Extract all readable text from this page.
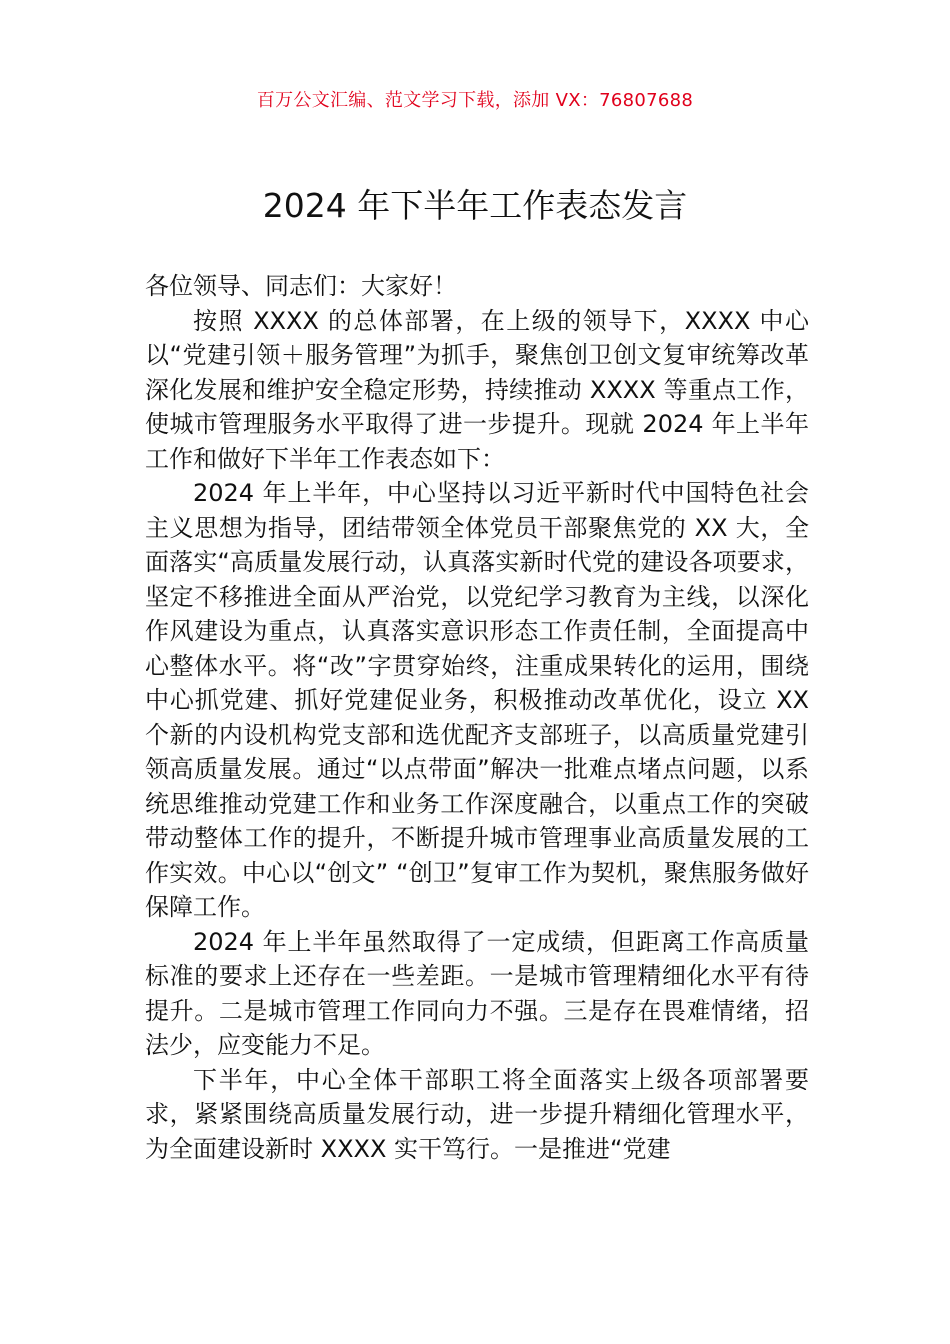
百万公文汇编、范文学习下载，添加 VX：76807688
2024 年下半年工作表态发言

各位领导、同志们：大家好！

按照 XXXX 的总体部署，在上级的领导下，XXXX 中心以“党建引领＋服务管理”为抓手，聚焦创卫创文复审统筹改革深化发展和维护安全稳定形势，持续推动 XXXX 等重点工作，使城市管理服务水平取得了进一步提升。现就 2024 年上半年工作和做好下半年工作表态如下：

2024 年上半年，中心坚持以习近平新时代中国特色社会主义思想为指导，团结带领全体党员干部聚焦党的 XX 大，全面落实“高质量发展行动，认真落实新时代党的建设各项要求，坚定不移推进全面从严治党，以党纪学习教育为主线，以深化作风建设为重点，认真落实意识形态工作责任制，全面提高中心整体水平。将“改”字贯穿始终，注重成果转化的运用，围绕中心抓党建、抓好党建促业务，积极推动改革优化，设立 XX 个新的内设机构党支部和选优配齐支部班子，以高质量党建引领高质量发展。通过“以点带面”解决一批难点堵点问题，以系统思维推动党建工作和业务工作深度融合，以重点工作的突破带动整体工作的提升，不断提升城市管理事业高质量发展的工作实效。中心以“创文” “创卫”复审工作为契机，聚焦服务做好保障工作。

2024 年上半年虽然取得了一定成绩，但距离工作高质量标准的要求上还存在一些差距。一是城市管理精细化水平有待提升。二是城市管理工作同向力不强。三是存在畏难情绪，招法少，应变能力不足。

下半年，中心全体干部职工将全面落实上级各项部署要求，紧紧围绕高质量发展行动，进一步提升精细化管理水平，为全面建设新时 XXXX 实干笃行。一是推进“党建
